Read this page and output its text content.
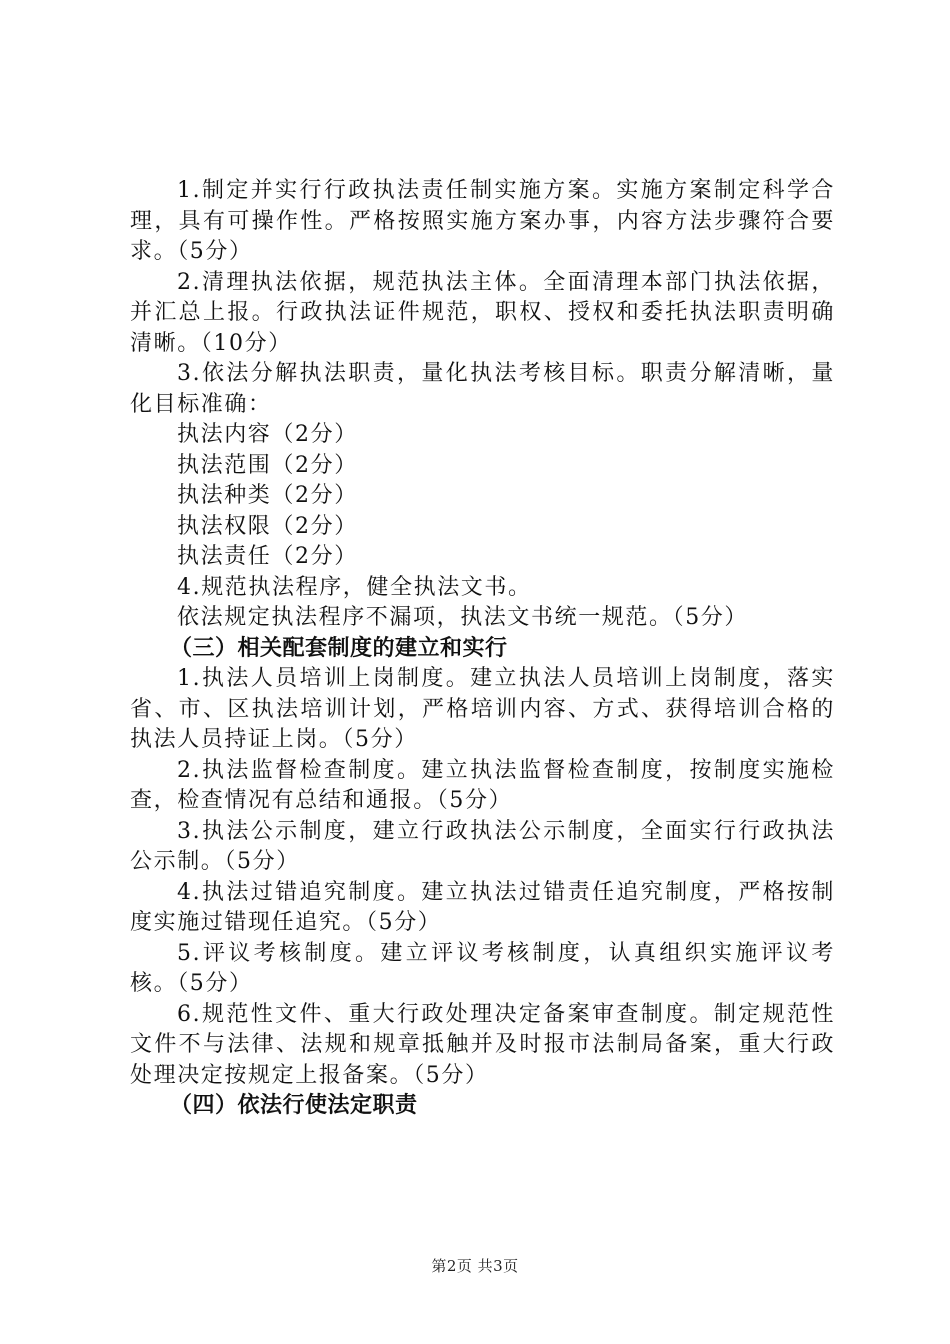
1.制定并实行行政执法责任制实施方案。实施方案制定科学合理，具有可操作性。严格按照实施方案办事，内容方法步骤符合要求。（5分）

2.清理执法依据，规范执法主体。全面清理本部门执法依据，并汇总上报。行政执法证件规范，职权、授权和委托执法职责明确清晰。（10分）

3.依法分解执法职责，量化执法考核目标。职责分解清晰，量化目标准确：

执法内容（2分）

执法范围（2分）

执法种类（2分）

执法权限（2分）

执法责任（2分）

4.规范执法程序，健全执法文书。

依法规定执法程序不漏项，执法文书统一规范。（5分）

（三）相关配套制度的建立和实行

1.执法人员培训上岗制度。建立执法人员培训上岗制度，落实省、市、区执法培训计划，严格培训内容、方式、获得培训合格的执法人员持证上岗。（5分）

2.执法监督检查制度。建立执法监督检查制度，按制度实施检查，检查情况有总结和通报。（5分）

3.执法公示制度，建立行政执法公示制度，全面实行行政执法公示制。（5分）

4.执法过错追究制度。建立执法过错责任追究制度，严格按制度实施过错现任追究。（5分）

5.评议考核制度。建立评议考核制度，认真组织实施评议考核。（5分）

6.规范性文件、重大行政处理决定备案审查制度。制定规范性文件不与法律、法规和规章抵触并及时报市法制局备案，重大行政处理决定按规定上报备案。（5分）

（四）依法行使法定职责

第2页 共3页
